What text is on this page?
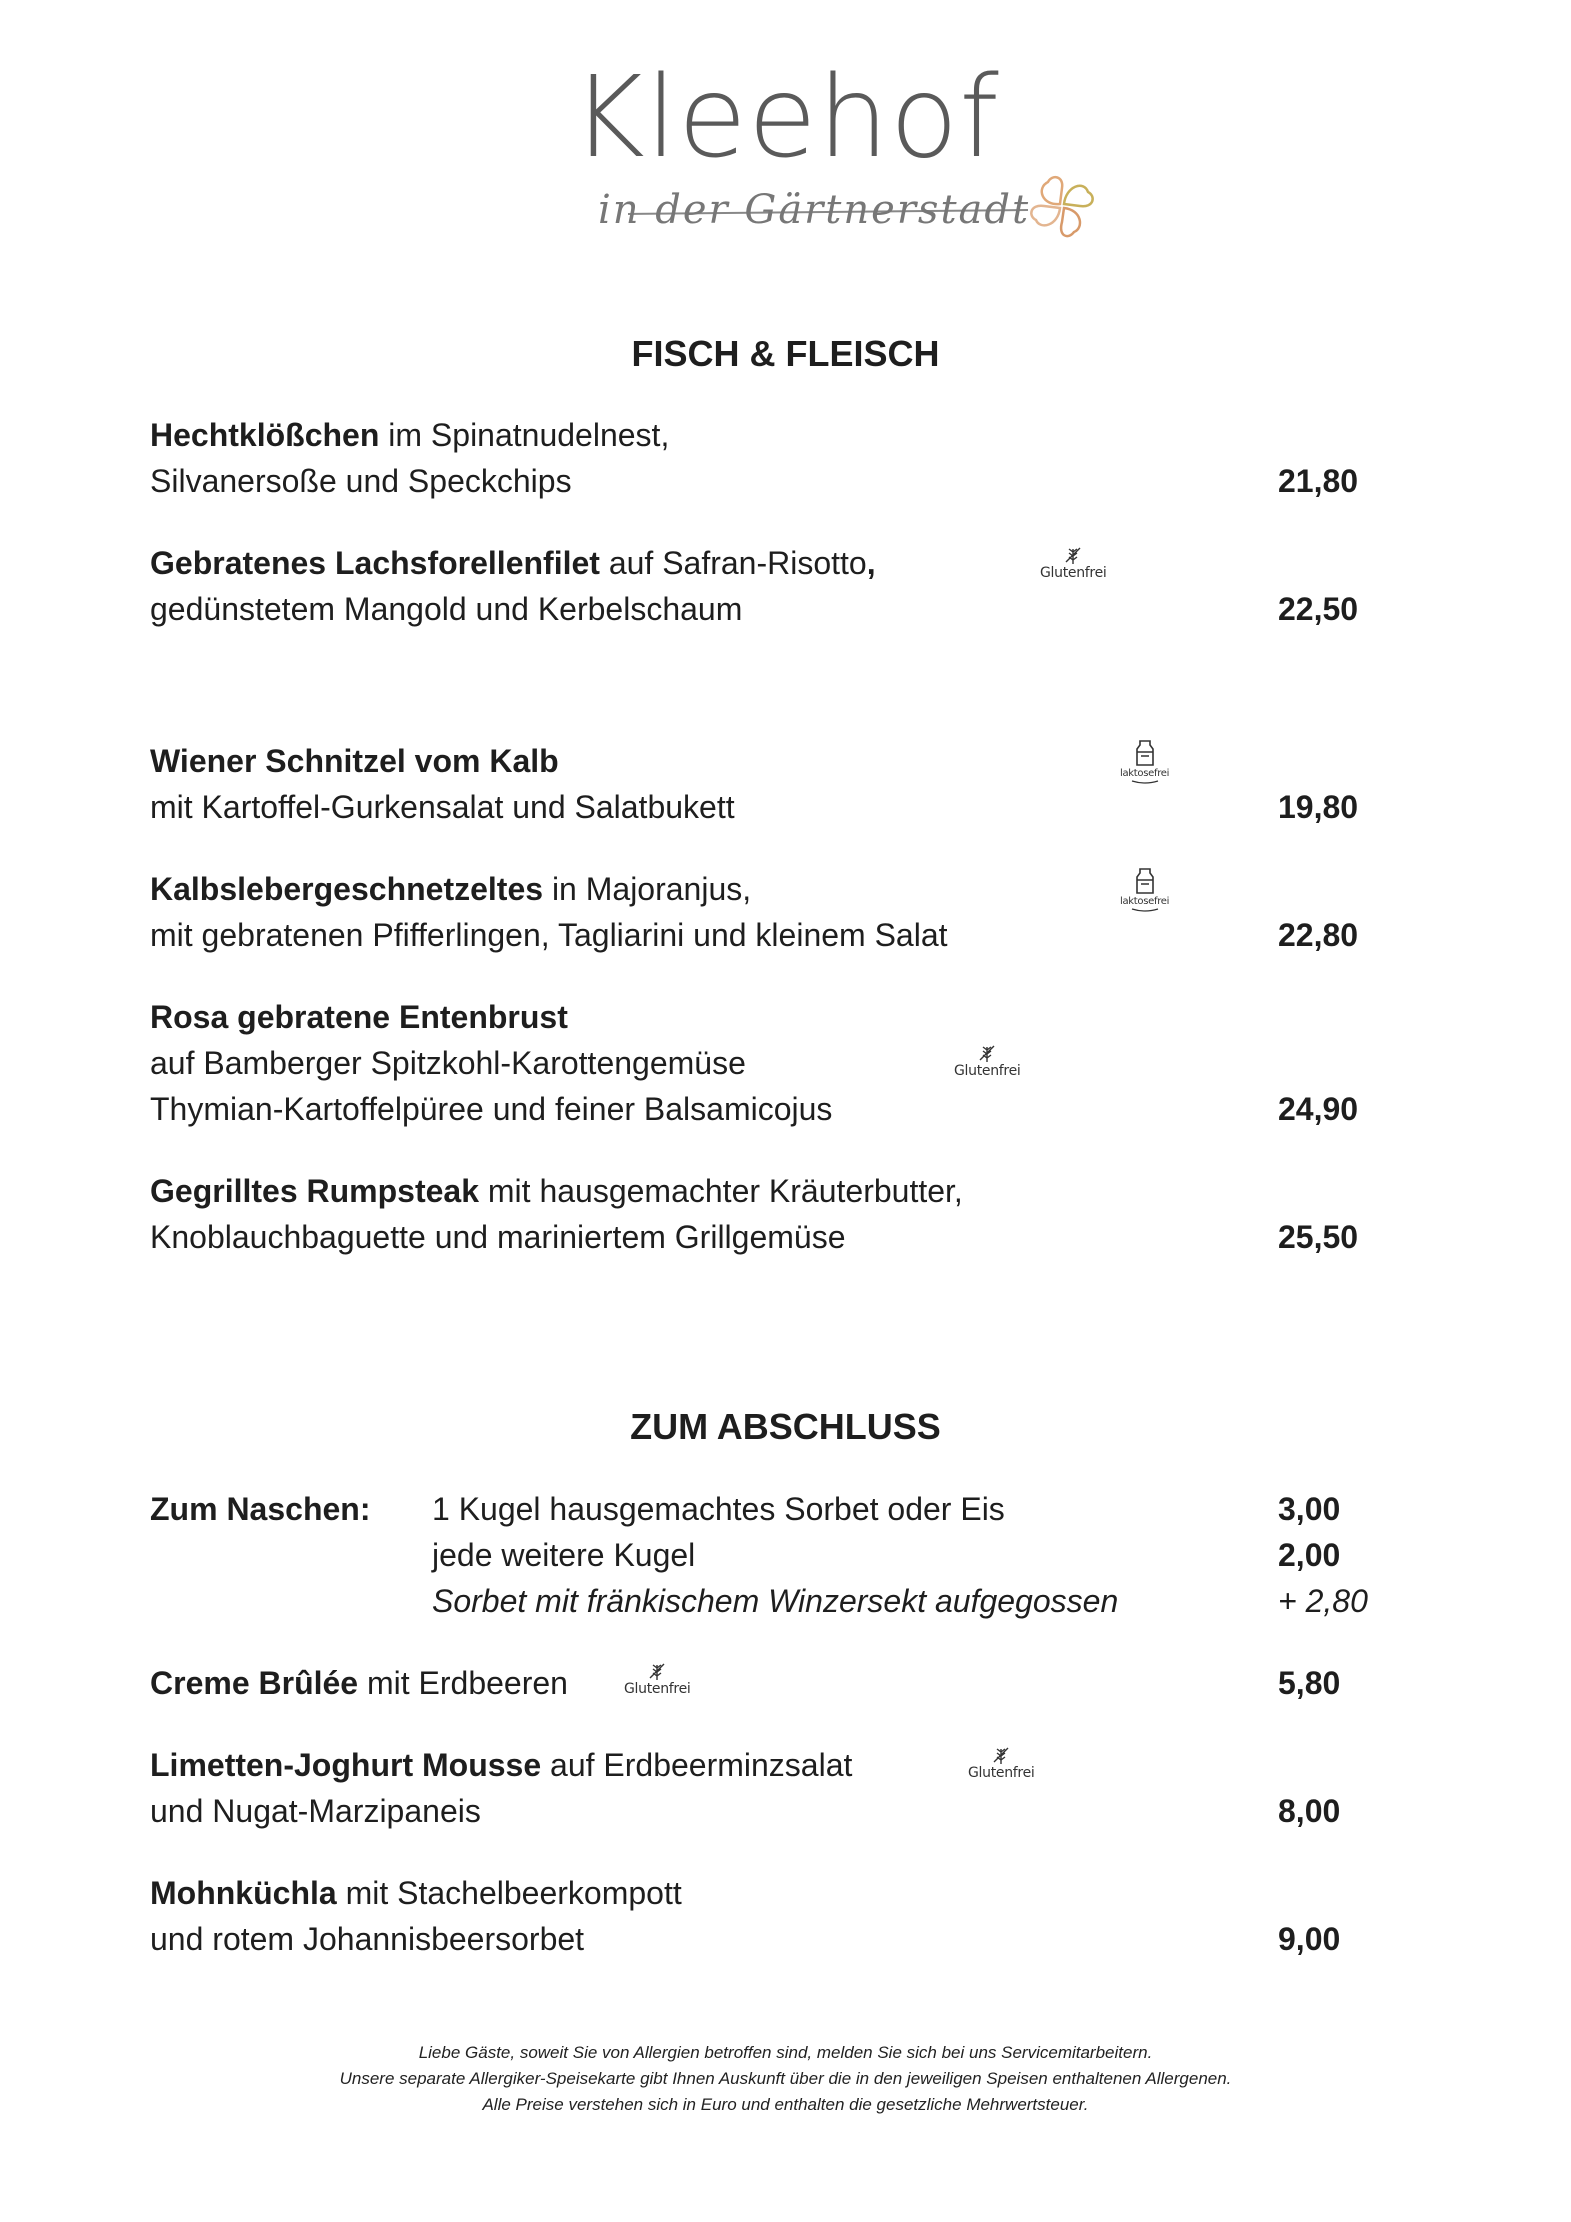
Kleehof
in der Gärtnerstadt
FISCH & FLEISCH
Hechtklößchen im Spinatnudelnest,
Silvanersoße und Speckchips	21,80
Gebratenes Lachsforellenfilet auf Safran-Risotto,
gedünstetem Mangold und Kerbelschaum	22,50
Glutenfrei
Wiener Schnitzel vom Kalb
mit Kartoffel-Gurkensalat und Salatbukett	19,80
laktosefrei
Kalbslebergeschnetzeltes in Majoranjus,
mit gebratenen Pfifferlingen, Tagliarini und kleinem Salat	22,80
laktosefrei
Rosa gebratene Entenbrust
auf Bamberger Spitzkohl-Karottengemüse
Thymian-Kartoffelpüree und feiner Balsamicojus	24,90
Glutenfrei
Gegrilltes Rumpsteak mit hausgemachter Kräuterbutter,
Knoblauchbaguette und mariniertem Grillgemüse	25,50
ZUM ABSCHLUSS
Zum Naschen: 1 Kugel hausgemachtes Sorbet oder Eis	3,00
jede weitere Kugel	2,00
Sorbet mit fränkischem Winzersekt aufgegossen	+ 2,80
Creme Brûlée mit Erdbeeren	5,80
Glutenfrei
Limetten-Joghurt Mousse auf Erdbeerminzsalat
und Nugat-Marzipaneis	8,00
Glutenfrei
Mohnküchla mit Stachelbeerkompott
und rotem Johannisbeersorbet	9,00
Liebe Gäste, soweit Sie von Allergien betroffen sind, melden Sie sich bei uns Servicemitarbeitern.
Unsere separate Allergiker-Speisekarte gibt Ihnen Auskunft über die in den jeweiligen Speisen enthaltenen Allergenen.
Alle Preise verstehen sich in Euro und enthalten die gesetzliche Mehrwertsteuer.
